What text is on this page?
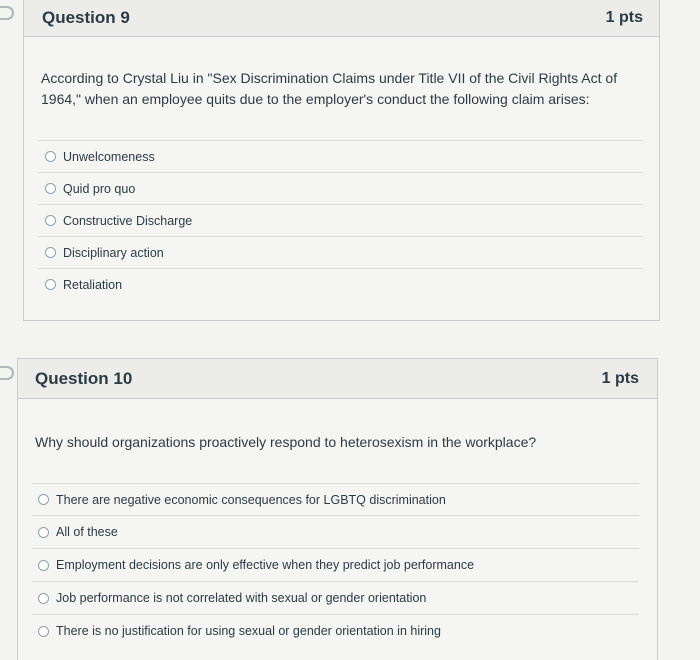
Question 9	1 pts
According to Crystal Liu in "Sex Discrimination Claims under Title VII of the Civil Rights Act of 1964," when an employee quits due to the employer's conduct the following claim arises:
Unwelcomeness
Quid pro quo
Constructive Discharge
Disciplinary action
Retaliation
Question 10	1 pts
Why should organizations proactively respond to heterosexism in the workplace?
There are negative economic consequences for LGBTQ discrimination
All of these
Employment decisions are only effective when they predict job performance
Job performance is not correlated with sexual or gender orientation
There is no justification for using sexual or gender orientation in hiring
